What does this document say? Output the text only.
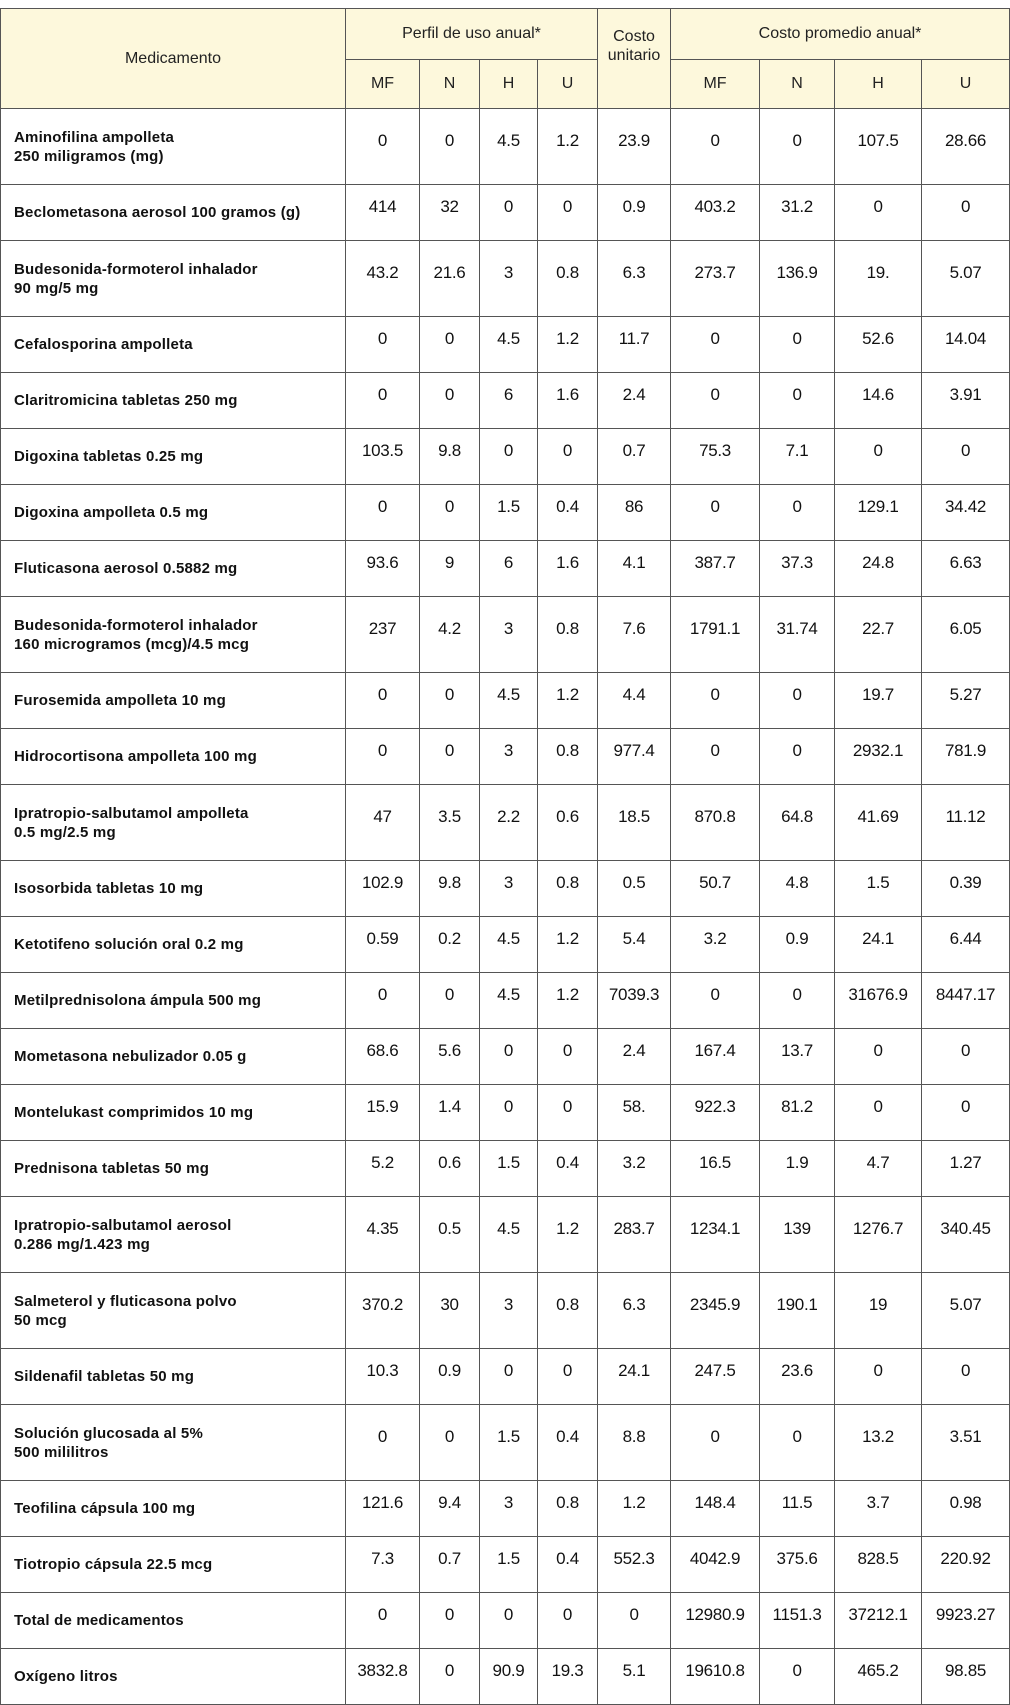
Medicamento	Perfil de uso anual*				Costo unitario	Costo promedio anual*			
	MF	N	H	U		MF	N	H	U

Aminofilina ampolleta
250 miligramos (mg)	0	0	4.5	1.2	23.9	0	0	107.5	28.66

Beclometasona aerosol 100 gramos (g)	414	32	0	0	0.9	403.2	31.2	0	0

Budesonida-formoterol inhalador
90 mg/5 mg	43.2	21.6	3	0.8	6.3	273.7	136.9	19.	5.07

Cefalosporina ampolleta	0	0	4.5	1.2	11.7	0	0	52.6	14.04

Claritromicina tabletas 250 mg	0	0	6	1.6	2.4	0	0	14.6	3.91

Digoxina tabletas 0.25 mg	103.5	9.8	0	0	0.7	75.3	7.1	0	0

Digoxina ampolleta 0.5 mg	0	0	1.5	0.4	86	0	0	129.1	34.42

Fluticasona aerosol 0.5882 mg	93.6	9	6	1.6	4.1	387.7	37.3	24.8	6.63

Budesonida-formoterol inhalador
160 microgramos (mcg)/4.5 mcg	237	4.2	3	0.8	7.6	1791.1	31.74	22.7	6.05

Furosemida ampolleta 10 mg	0	0	4.5	1.2	4.4	0	0	19.7	5.27

Hidrocortisona ampolleta 100 mg	0	0	3	0.8	977.4	0	0	2932.1	781.9

Ipratropio-salbutamol ampolleta
0.5 mg/2.5 mg	47	3.5	2.2	0.6	18.5	870.8	64.8	41.69	11.12

Isosorbida tabletas 10 mg	102.9	9.8	3	0.8	0.5	50.7	4.8	1.5	0.39

Ketotifeno solución oral 0.2 mg	0.59	0.2	4.5	1.2	5.4	3.2	0.9	24.1	6.44

Metilprednisolona ámpula 500 mg	0	0	4.5	1.2	7039.3	0	0	31676.9	8447.17

Mometasona nebulizador 0.05 g	68.6	5.6	0	0	2.4	167.4	13.7	0	0

Montelukast comprimidos 10 mg	15.9	1.4	0	0	58.	922.3	81.2	0	0

Prednisona tabletas 50 mg	5.2	0.6	1.5	0.4	3.2	16.5	1.9	4.7	1.27

Ipratropio-salbutamol aerosol
0.286 mg/1.423 mg	4.35	0.5	4.5	1.2	283.7	1234.1	139	1276.7	340.45

Salmeterol y fluticasona polvo
50 mcg	370.2	30	3	0.8	6.3	2345.9	190.1	19	5.07

Sildenafil tabletas 50 mg	10.3	0.9	0	0	24.1	247.5	23.6	0	0

Solución glucosada al 5%
500 mililitros	0	0	1.5	0.4	8.8	0	0	13.2	3.51

Teofilina cápsula 100 mg	121.6	9.4	3	0.8	1.2	148.4	11.5	3.7	0.98

Tiotropio cápsula 22.5 mcg	7.3	0.7	1.5	0.4	552.3	4042.9	375.6	828.5	220.92

Total de medicamentos	0	0	0	0	0	12980.9	1151.3	37212.1	9923.27

Oxígeno litros	3832.8	0	90.9	19.3	5.1	19610.8	0	465.2	98.85
